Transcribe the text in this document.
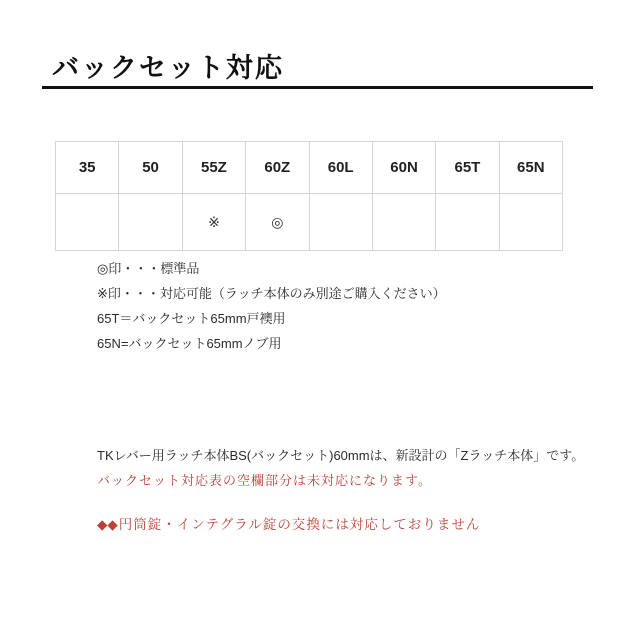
バックセット対応
35	50	55Z	60Z	60L	60N	65T	65N
		※	◎				
◎印・・・標準品
※印・・・対応可能（ラッチ本体のみ別途ご購入ください）
65T＝バックセット65mm戸襖用
65N=バックセット65mmノブ用
TKレバー用ラッチ本体BS(バックセット)60mmは、新設計の「Zラッチ本体」です。
バックセット対応表の空欄部分は未対応になります。
◆◆円筒錠・インテグラル錠の交換には対応しておりません
